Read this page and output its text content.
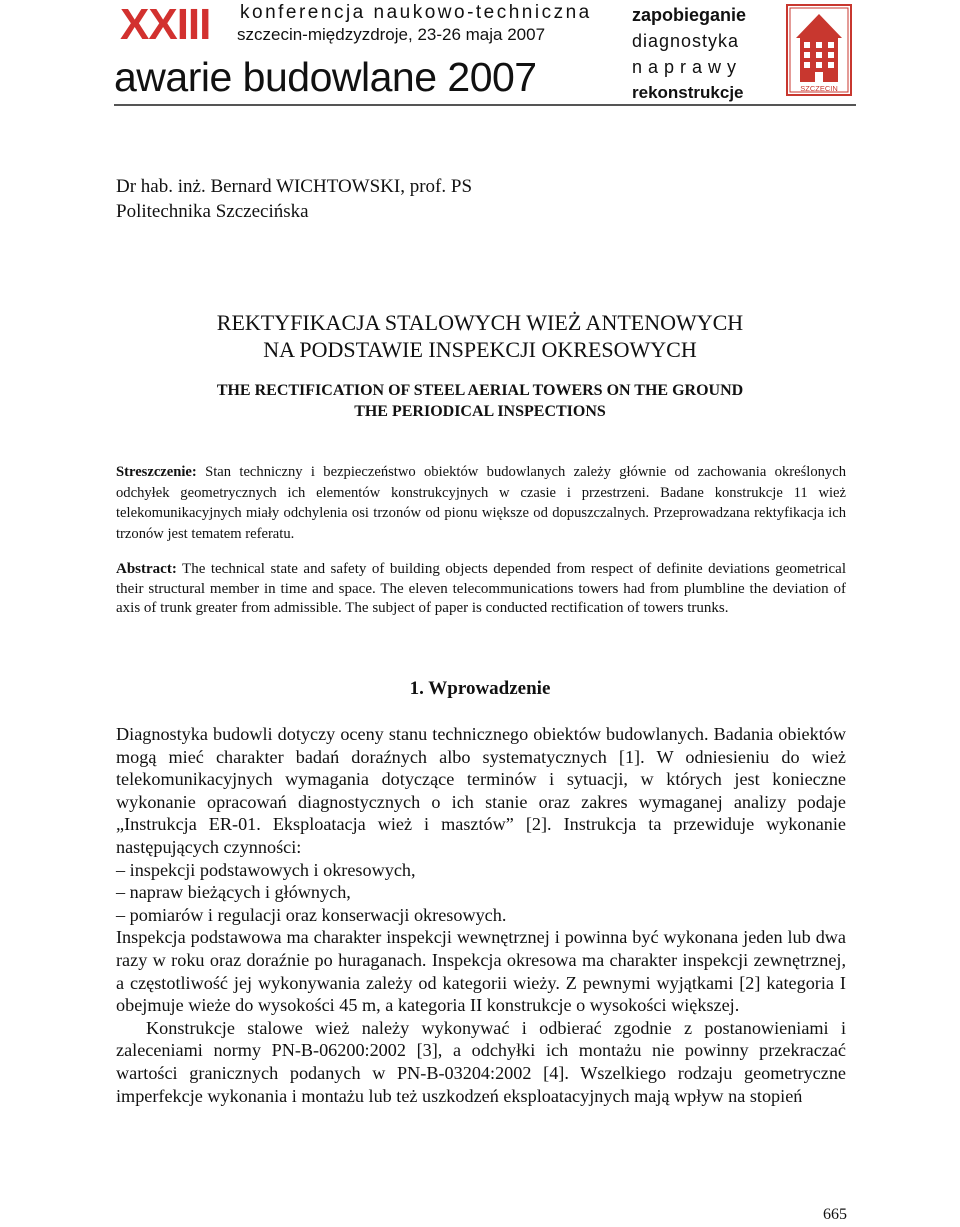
XXIII konferencja naukowo-techniczna
szczecin-międzyzdroje, 23-26 maja 2007
awarie budowlane 2007
zapobieganie
diagnostyka
naprawy
rekonstrukcje	SZCZECIN
Dr hab. inż. Bernard WICHTOWSKI, prof. PS
Politechnika Szczecińska
REKTYFIKACJA STALOWYCH WIEŻ ANTENOWYCH
NA PODSTAWIE INSPEKCJI OKRESOWYCH
THE RECTIFICATION OF STEEL AERIAL TOWERS ON THE GROUND
THE PERIODICAL INSPECTIONS
Streszczenie: Stan techniczny i bezpieczeństwo obiektów budowlanych zależy głównie od zachowania określonych odchyłek geometrycznych ich elementów konstrukcyjnych w czasie i przestrzeni. Badane konstrukcje 11 wież telekomunikacyjnych miały odchylenia osi trzonów od pionu większe od dopuszczalnych. Przeprowadzana rektyfikacja ich trzonów jest tematem referatu.
Abstract: The technical state and safety of building objects depended from respect of definite deviations geometrical their structural member in time and space. The eleven telecommunications towers had from plumbline the deviation of axis of trunk greater from admissible. The subject of paper is conducted rectification of towers trunks.
1. Wprowadzenie

Diagnostyka budowli dotyczy oceny stanu technicznego obiektów budowlanych. Badania obiektów mogą mieć charakter badań doraźnych albo systematycznych [1]. W odniesieniu do wież telekomunikacyjnych wymagania dotyczące terminów i sytuacji, w których jest konieczne wykonanie opracowań diagnostycznych o ich stanie oraz zakres wymaganej analizy podaje „Instrukcja ER-01. Eksploatacja wież i masztów” [2]. Instrukcja ta przewiduje wykonanie następujących czynności:

– inspekcji podstawowych i okresowych,

– napraw bieżących i głównych,

– pomiarów i regulacji oraz konserwacji okresowych.

Inspekcja podstawowa ma charakter inspekcji wewnętrznej i powinna być wykonana jeden lub dwa razy w roku oraz doraźnie po huraganach. Inspekcja okresowa ma charakter inspekcji zewnętrznej, a częstotliwość jej wykonywania zależy od kategorii wieży. Z pewnymi wyjątkami [2] kategoria I obejmuje wieże do wysokości 45 m, a kategoria II konstrukcje o wysokości większej.

Konstrukcje stalowe wież należy wykonywać i odbierać zgodnie z postanowieniami i zaleceniami normy PN-B-06200:2002 [3], a odchyłki ich montażu nie powinny przekraczać wartości granicznych podanych w PN-B-03204:2002 [4]. Wszelkiego rodzaju geometryczne imperfekcje wykonania i montażu lub też uszkodzeń eksploatacyjnych mają wpływ na stopień

665
